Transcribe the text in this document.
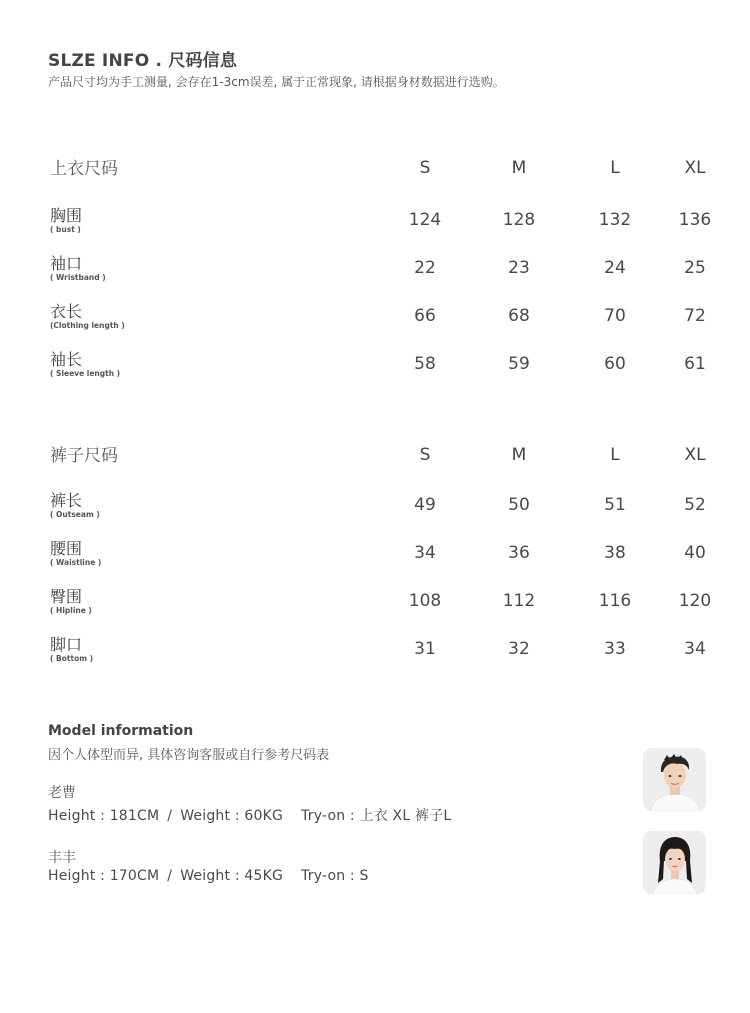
SLZE INFO . 尺码信息
产品尺寸均为手工测量, 会存在1-3cm误差, 属于正常现象, 请根据身材数据进行选购。
上衣尺码	S	M	L	XL
胸围
( bust )	124	128	132	136
袖口
( Wristband )	22	23	24	25
衣长
(Clothing length )	66	68	70	72
袖长
( Sleeve length )	58	59	60	61
裤子尺码	S	M	L	XL
裤长
( Outseam )	49	50	51	52
腰围
( Waistline )	34	36	38	40
臀围
( Hipline )	108	112	116	120
脚口
( Bottom )	31	32	33	34
Model information
因个人体型而异, 具体咨询客服或自行参考尺码表
老曹
Height : 181CM / Weight : 60KG Try-on : 上衣 XL 裤子L
丰丰
Height : 170CM / Weight : 45KG Try-on : S
